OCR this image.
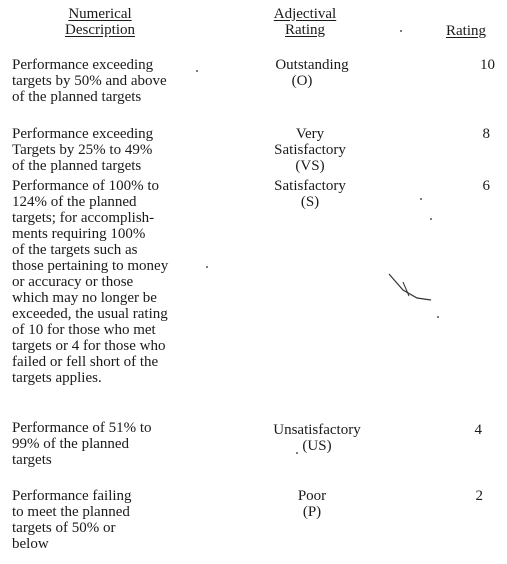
Numerical
Description
Adjectival
Rating	Rating
Performance exceeding
targets by 50% and above
of the planned targets
Outstanding
(O)
10
Performance exceeding
Targets by 25% to 49%
of the planned targets
Very
Satisfactory
(VS)
8
Performance of 100% to
124% of the planned
targets; for accomplish-
ments requiring 100%
of the targets such as
those pertaining to money
or accuracy or those
which may no longer be
exceeded, the usual rating
of 10 for those who met
targets or 4 for those who
failed or fell short of the
targets applies.
Satisfactory
(S)
6
Performance of 51% to
99% of the planned
targets
Unsatisfactory
(US)
4
Performance failing
to meet the planned
targets of 50% or
below
Poor
(P)
2
